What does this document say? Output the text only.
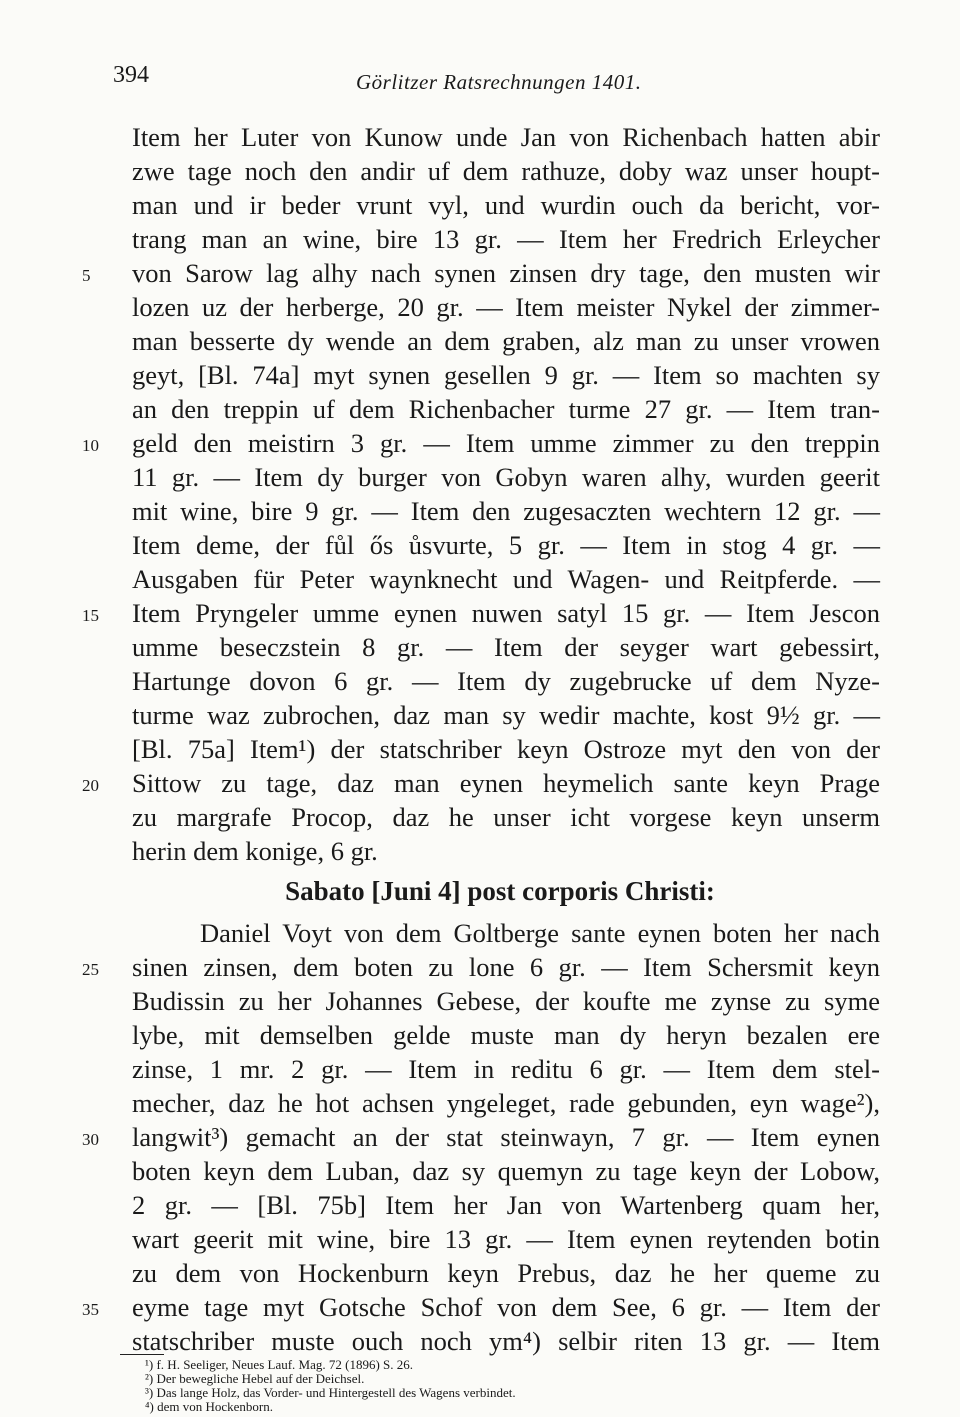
394	Görlitzer Ratsrechnungen 1401.
Item her Luter von Kunow unde Jan von Richenbach hatten abir
zwe tage noch den andir uf dem rathuze, doby waz unser houpt-
man und ir beder vrunt vyl, und wurdin ouch da bericht, vor-
trang man an wine, bire 13 gr. — Item her Fredrich Erleycher
von Sarow lag alhy nach synen zinsen dry tage, den musten wir
lozen uz der herberge, 20 gr. — Item meister Nykel der zimmer-
man besserte dy wende an dem graben, alz man zu unser vrowen
geyt, [Bl. 74a] myt synen gesellen 9 gr. — Item so machten sy
an den treppin uf dem Richenbacher turme 27 gr. — Item tran-
geld den meistirn 3 gr. — Item umme zimmer zu den treppin
11 gr. — Item dy burger von Gobyn waren alhy, wurden geerit
mit wine, bire 9 gr. — Item den zugesaczten wechtern 12 gr. —
Item deme, der fůl ős ůsvurte, 5 gr. — Item in stog 4 gr. —
Ausgaben für Peter waynknecht und Wagen- und Reitpferde. —
Item Pryngeler umme eynen nuwen satyl 15 gr. — Item Jescon
umme beseczstein 8 gr. — Item der seyger wart gebessirt,
Hartunge dovon 6 gr. — Item dy zugebrucke uf dem Nyze-
turme waz zubrochen, daz man sy wedir machte, kost 9½ gr. —
[Bl. 75a] Item¹) der statschriber keyn Ostroze myt den von der
Sittow zu tage, daz man eynen heymelich sante keyn Prage
zu margrafe Procop, daz he unser icht vorgese keyn unserm
herin dem konige, 6 gr.
Sabato [Juni 4] post corporis Christi:
Daniel Voyt von dem Goltberge sante eynen boten her nach
sinen zinsen, dem boten zu lone 6 gr. — Item Schersmit keyn
Budissin zu her Johannes Gebese, der koufte me zynse zu syme
lybe, mit demselben gelde muste man dy heryn bezalen ere
zinse, 1 mr. 2 gr. — Item in reditu 6 gr. — Item dem stel-
mecher, daz he hot achsen yngeleget, rade gebunden, eyn wage²),
langwit³) gemacht an der stat steinwayn, 7 gr. — Item eynen
boten keyn dem Luban, daz sy quemyn zu tage keyn der Lobow,
2 gr. — [Bl. 75b] Item her Jan von Wartenberg quam her,
wart geerit mit wine, bire 13 gr. — Item eynen reytenden botin
zu dem von Hockenburn keyn Prebus, daz he her queme zu
eyme tage myt Gotsche Schof von dem See, 6 gr. — Item der
statschriber muste ouch noch ym⁴) selbir riten 13 gr. — Item
5
10
15
20
25
30
35
¹) f. H. Seeliger, Neues Lauf. Mag. 72 (1896) S. 26.
²) Der bewegliche Hebel auf der Deichsel.
³) Das lange Holz, das Vorder- und Hintergestell des Wagens verbindet.
⁴) dem von Hockenborn.
